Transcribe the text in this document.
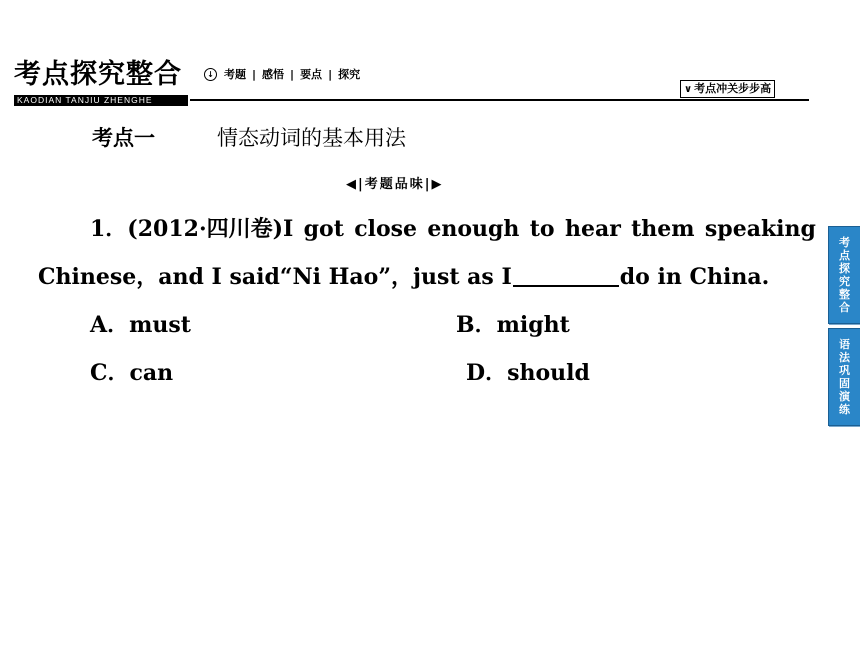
考点探究整合
KAODIAN TANJIU ZHENGHE
↓ 考题 | 感悟 | 要点 | 探究
∨ 考点冲关步步高
考点一	情态动词的基本用法
◀|考题品味|▶
1．(2012·四川卷)I got close enough to hear them speaking
Chinese，and I said“Ni Hao”，just as I	do in China.
A．must	B．might
C．can	D．should
考
点
探
究
整
合
语
法
巩
固
演
练
